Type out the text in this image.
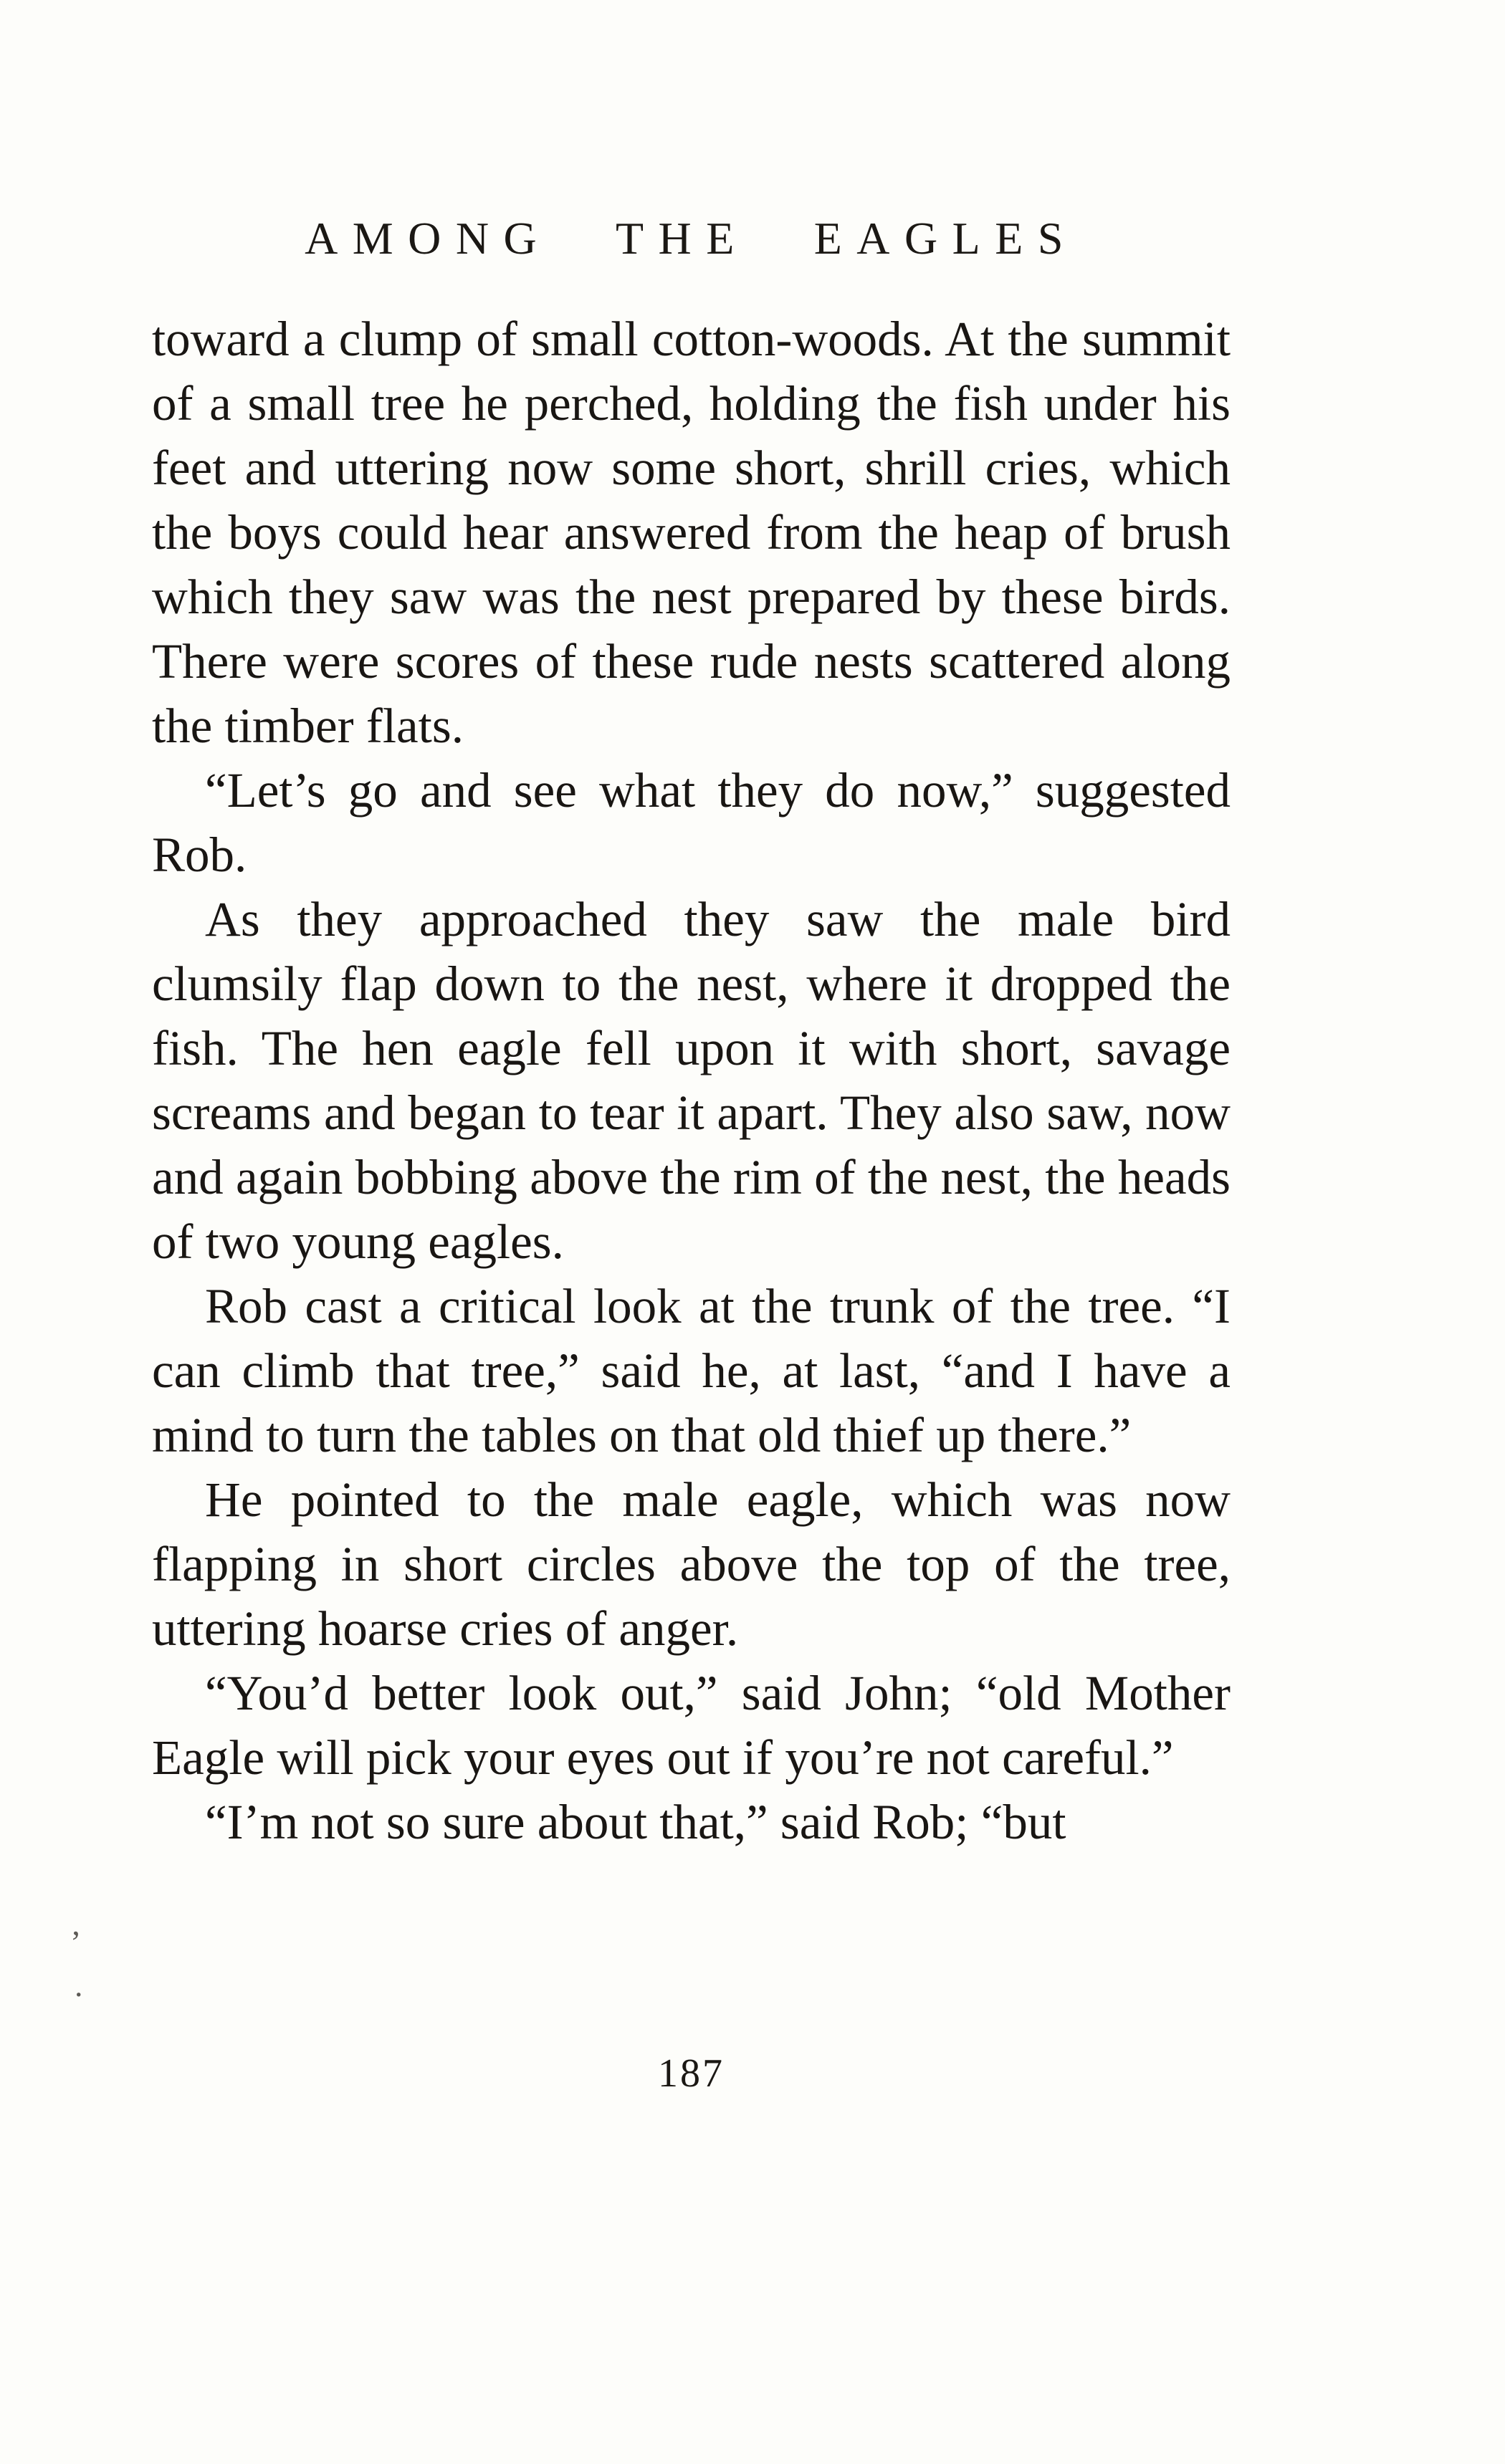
AMONG THE EAGLES

toward a clump of small cotton-woods. At the summit of a small tree he perched, holding the fish under his feet and uttering now some short, shrill cries, which the boys could hear answered from the heap of brush which they saw was the nest prepared by these birds. There were scores of these rude nests scattered along the timber flats.

“Let’s go and see what they do now,” suggested Rob.

As they approached they saw the male bird clumsily flap down to the nest, where it dropped the fish. The hen eagle fell upon it with short, savage screams and began to tear it apart. They also saw, now and again bobbing above the rim of the nest, the heads of two young eagles.

Rob cast a critical look at the trunk of the tree. “I can climb that tree,” said he, at last, “and I have a mind to turn the tables on that old thief up there.”

He pointed to the male eagle, which was now flapping in short circles above the top of the tree, uttering hoarse cries of anger.

“You’d better look out,” said John; “old Mother Eagle will pick your eyes out if you’re not careful.”

“I’m not so sure about that,” said Rob; “but

187
’
.
